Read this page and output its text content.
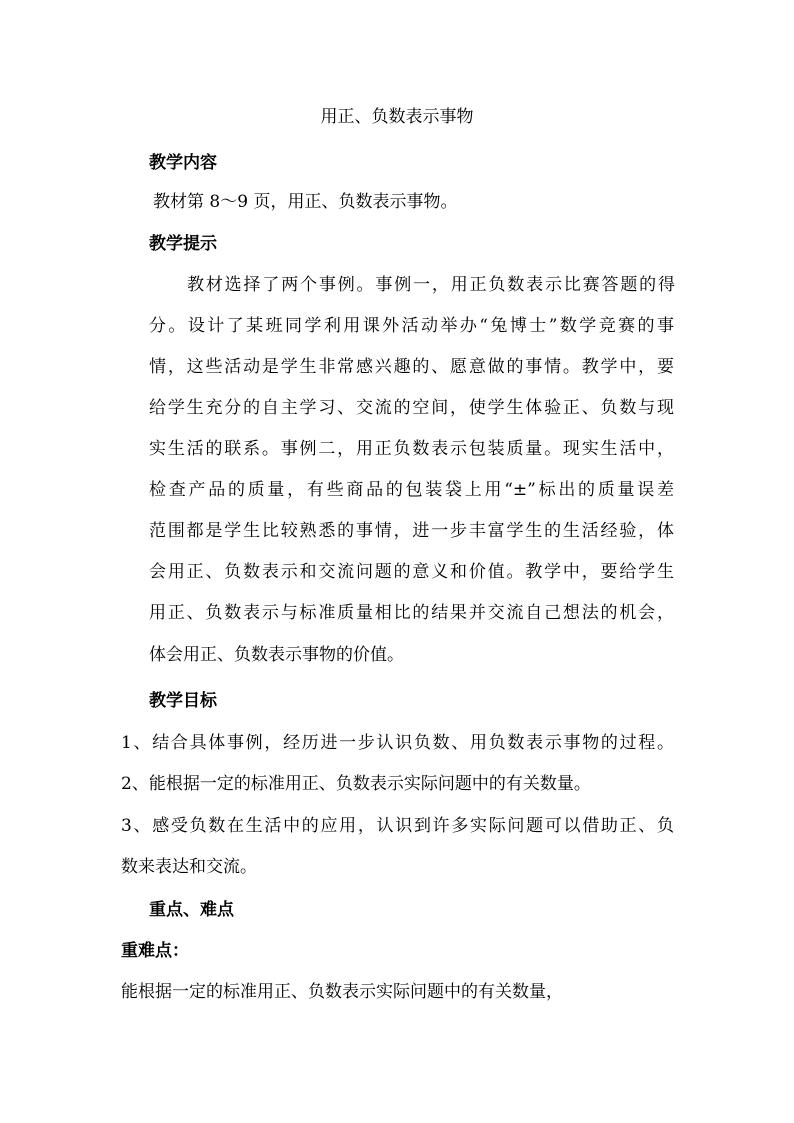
用正、负数表示事物
教学内容
教材第 8～9 页，用正、负数表示事物。
教学提示
教材选择了两个事例。事例一，用正负数表示比赛答题的得
分。设计了某班同学利用课外活动举办“兔博士”数学竞赛的事
情，这些活动是学生非常感兴趣的、愿意做的事情。教学中，要
给学生充分的自主学习、交流的空间，使学生体验正、负数与现
实生活的联系。事例二，用正负数表示包装质量。现实生活中，
检查产品的质量，有些商品的包装袋上用“±”标出的质量误差
范围都是学生比较熟悉的事情，进一步丰富学生的生活经验，体
会用正、负数表示和交流问题的意义和价值。教学中，要给学生
用正、负数表示与标准质量相比的结果并交流自己想法的机会，
体会用正、负数表示事物的价值。
教学目标
1、结合具体事例，经历进一步认识负数、用负数表示事物的过程。
2、能根据一定的标准用正、负数表示实际问题中的有关数量。
3、感受负数在生活中的应用，认识到许多实际问题可以借助正、负
数来表达和交流。
重点、难点
重难点：
能根据一定的标准用正、负数表示实际问题中的有关数量，
